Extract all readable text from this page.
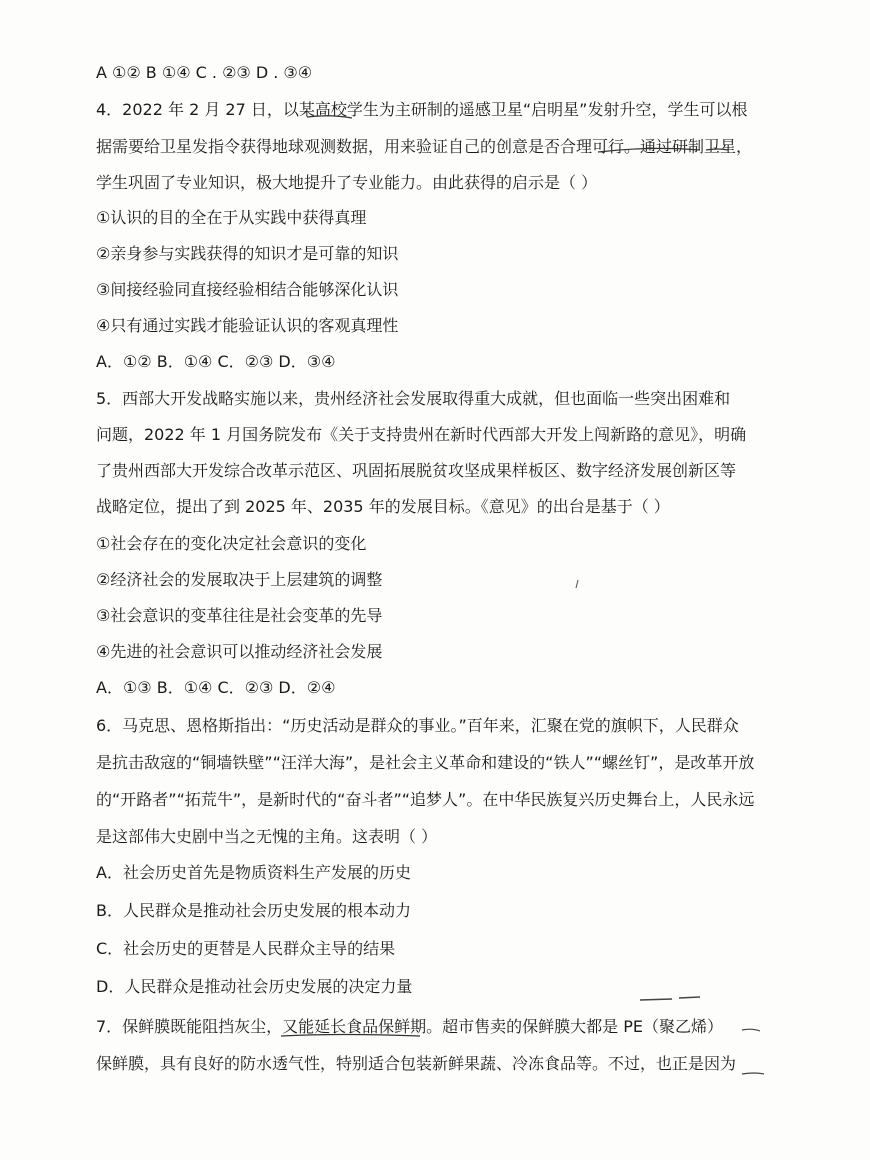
A ①② B ①④ C . ②③ D . ③④
4．2022 年 2 月 27 日，以某高校学生为主研制的遥感卫星“启明星”发射升空，学生可以根
据需要给卫星发指令获得地球观测数据，用来验证自己的创意是否合理可行。通过研制卫星，
学生巩固了专业知识，极大地提升了专业能力。由此获得的启示是（ ）
①认识的目的全在于从实践中获得真理
②亲身参与实践获得的知识才是可靠的知识
③间接经验同直接经验相结合能够深化认识
④只有通过实践才能验证认识的客观真理性
A．①② B．①④ C．②③ D．③④
5．西部大开发战略实施以来，贵州经济社会发展取得重大成就，但也面临一些突出困难和
问题，2022 年 1 月国务院发布《关于支持贵州在新时代西部大开发上闯新路的意见》，明确
了贵州西部大开发综合改革示范区、巩固拓展脱贫攻坚成果样板区、数字经济发展创新区等
战略定位，提出了到 2025 年、2035 年的发展目标。《意见》的出台是基于（ ）
①社会存在的变化决定社会意识的变化
②经济社会的发展取决于上层建筑的调整
③社会意识的变革往往是社会变革的先导
④先进的社会意识可以推动经济社会发展
A．①③ B．①④ C．②③ D．②④
6．马克思、恩格斯指出：“历史活动是群众的事业。”百年来，汇聚在党的旗帜下，人民群众
是抗击敌寇的“铜墙铁壁”“汪洋大海”，是社会主义革命和建设的“铁人”“螺丝钉”，是改革开放
的“开路者”“拓荒牛”，是新时代的“奋斗者”“追梦人”。在中华民族复兴历史舞台上，人民永远
是这部伟大史剧中当之无愧的主角。这表明（ ）
A．社会历史首先是物质资料生产发展的历史
B．人民群众是推动社会历史发展的根本动力
C．社会历史的更替是人民群众主导的结果
D．人民群众是推动社会历史发展的决定力量
7．保鲜膜既能阻挡灰尘，又能延长食品保鲜期。超市售卖的保鲜膜大都是 PE（聚乙烯）
保鲜膜，具有良好的防水透气性，特别适合包装新鲜果蔬、冷冻食品等。不过，也正是因为
